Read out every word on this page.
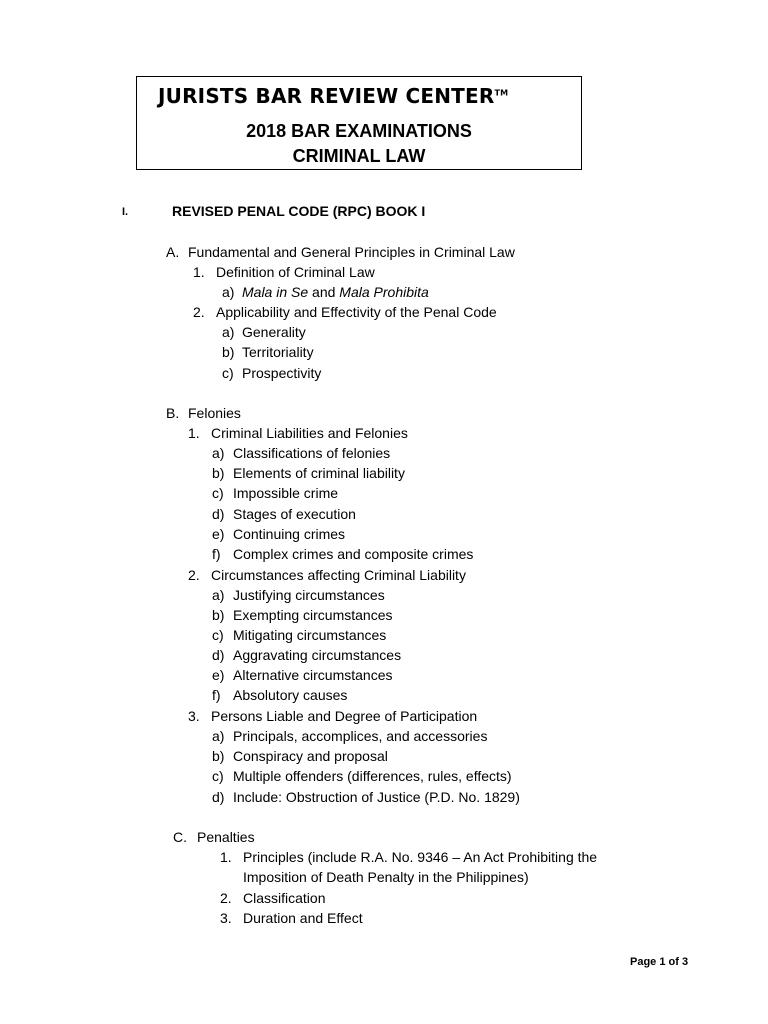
JURISTS BAR REVIEW CENTER™
2018 BAR EXAMINATIONS
CRIMINAL LAW
I.	REVISED PENAL CODE (RPC) BOOK I
A. Fundamental and General Principles in Criminal Law
1. Definition of Criminal Law
a) Mala in Se and Mala Prohibita
2. Applicability and Effectivity of the Penal Code
a) Generality
b) Territoriality
c) Prospectivity
B. Felonies
1. Criminal Liabilities and Felonies
a) Classifications of felonies
b) Elements of criminal liability
c) Impossible crime
d) Stages of execution
e) Continuing crimes
f) Complex crimes and composite crimes
2. Circumstances affecting Criminal Liability
a) Justifying circumstances
b) Exempting circumstances
c) Mitigating circumstances
d) Aggravating circumstances
e) Alternative circumstances
f) Absolutory causes
3. Persons Liable and Degree of Participation
a) Principals, accomplices, and accessories
b) Conspiracy and proposal
c) Multiple offenders (differences, rules, effects)
d) Include: Obstruction of Justice (P.D. No. 1829)
C. Penalties
1. Principles (include R.A. No. 9346 – An Act Prohibiting the
Imposition of Death Penalty in the Philippines)
2. Classification
3. Duration and Effect
Page 1 of 3
